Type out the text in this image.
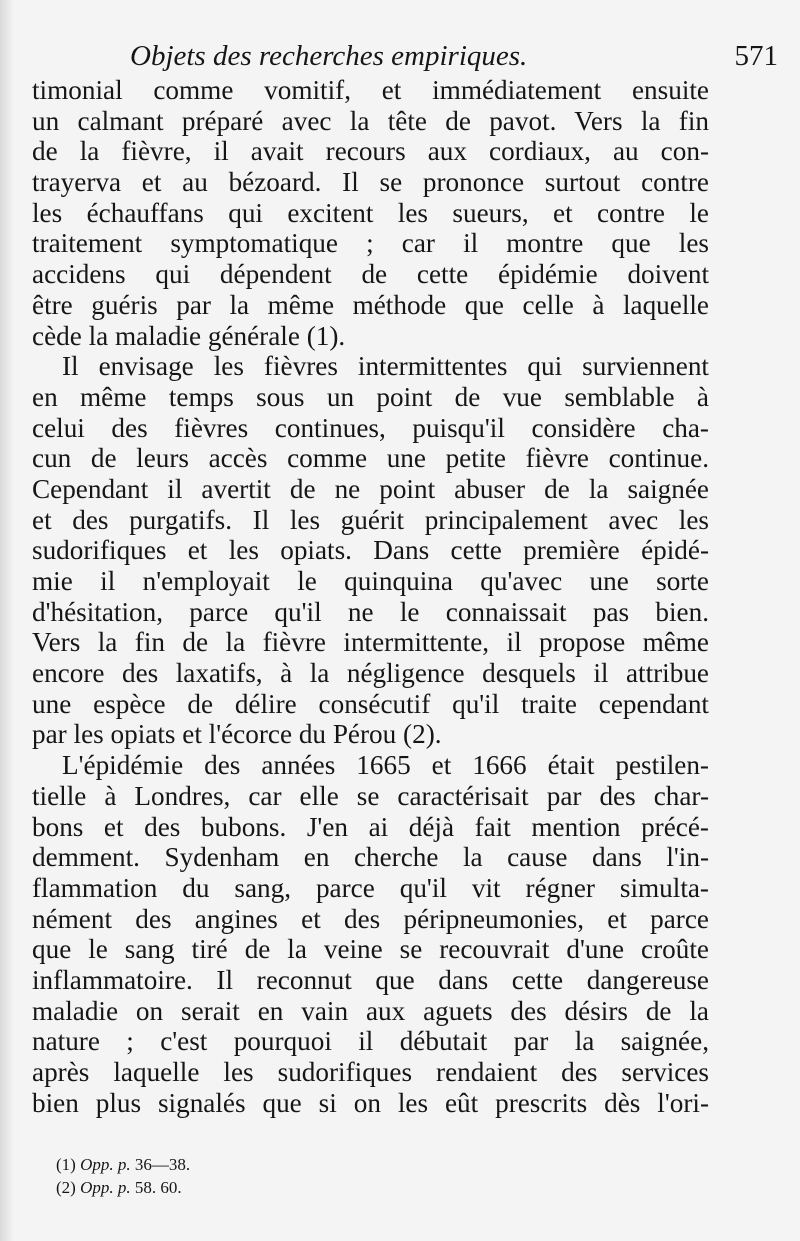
Objets des recherches empiriques.	571
timonial comme vomitif, et immédiatement ensuite
un calmant préparé avec la tête de pavot. Vers la fin
de la fièvre, il avait recours aux cordiaux, au con-
trayerva et au bézoard. Il se prononce surtout contre
les échauffans qui excitent les sueurs, et contre le
traitement symptomatique ; car il montre que les
accidens qui dépendent de cette épidémie doivent
être guéris par la même méthode que celle à laquelle
cède la maladie générale (1).
Il envisage les fièvres intermittentes qui surviennent
en même temps sous un point de vue semblable à
celui des fièvres continues, puisqu'il considère cha-
cun de leurs accès comme une petite fièvre continue.
Cependant il avertit de ne point abuser de la saignée
et des purgatifs. Il les guérit principalement avec les
sudorifiques et les opiats. Dans cette première épidé-
mie il n'employait le quinquina qu'avec une sorte
d'hésitation, parce qu'il ne le connaissait pas bien.
Vers la fin de la fièvre intermittente, il propose même
encore des laxatifs, à la négligence desquels il attribue
une espèce de délire consécutif qu'il traite cependant
par les opiats et l'écorce du Pérou (2).
L'épidémie des années 1665 et 1666 était pestilen-
tielle à Londres, car elle se caractérisait par des char-
bons et des bubons. J'en ai déjà fait mention précé-
demment. Sydenham en cherche la cause dans l'in-
flammation du sang, parce qu'il vit régner simulta-
nément des angines et des péripneumonies, et parce
que le sang tiré de la veine se recouvrait d'une croûte
inflammatoire. Il reconnut que dans cette dangereuse
maladie on serait en vain aux aguets des désirs de la
nature ; c'est pourquoi il débutait par la saignée,
après laquelle les sudorifiques rendaient des services
bien plus signalés que si on les eût prescrits dès l'ori-
(1) Opp. p. 36—38.
(2) Opp. p. 58. 60.
